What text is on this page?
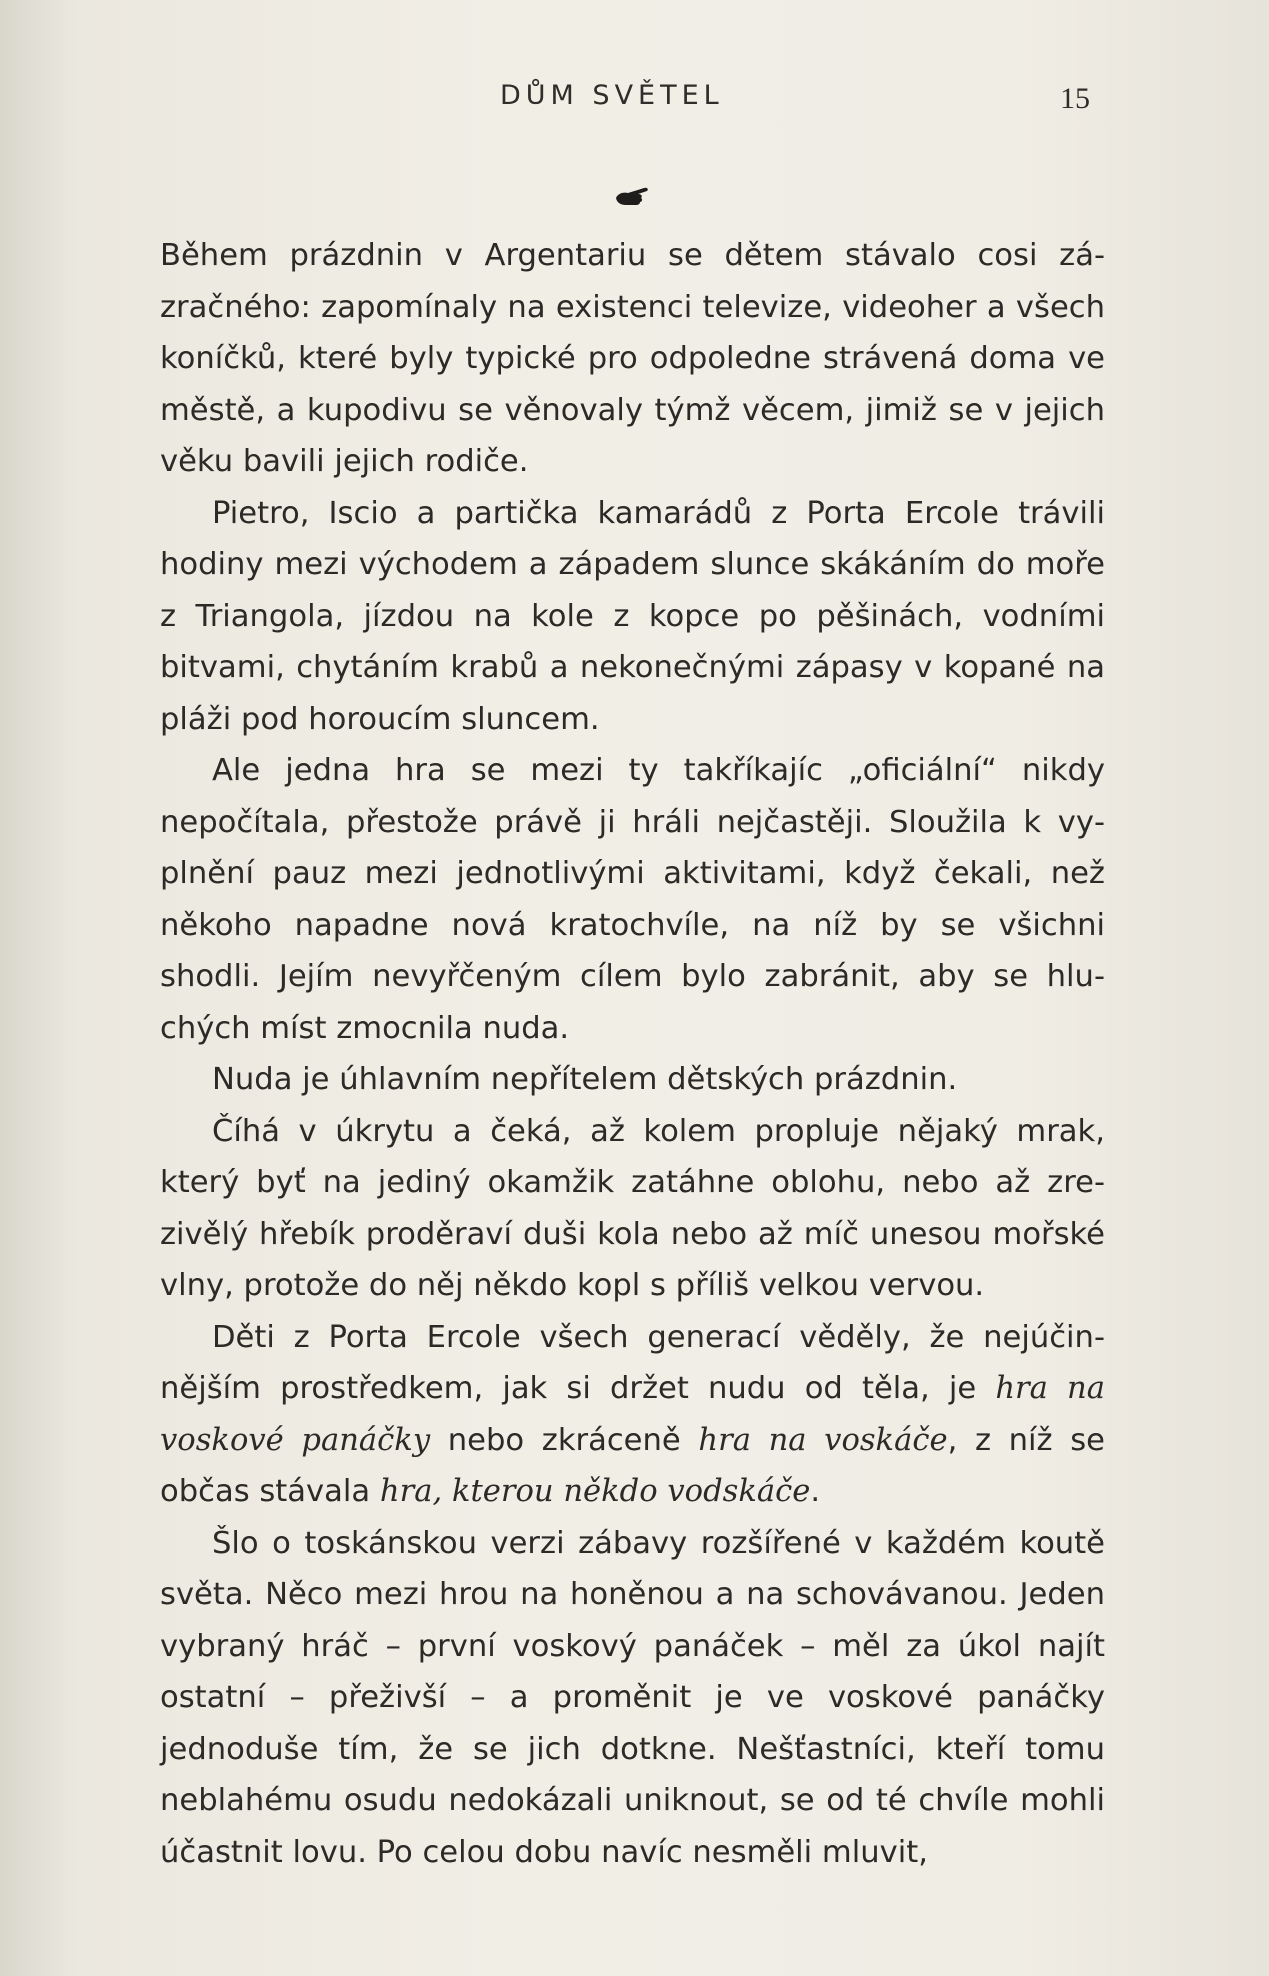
DŮM SVĚTEL	15

Během prázdnin v Argentariu se dětem stávalo cosi zázračného: zapomínaly na existenci televize, videoher a všech koníčků, které byly typické pro odpoledne strávená doma ve městě, a kupodivu se věnovaly týmž věcem, jimiž se v jejich věku bavili jejich rodiče.

Pietro, Iscio a partička kamarádů z Porta Ercole trávili hodiny mezi východem a západem slunce skákáním do moře z Triangola, jízdou na kole z kopce po pěšinách, vodními bitvami, chytáním krabů a nekonečnými zápasy v kopané na pláži pod horoucím sluncem.

Ale jedna hra se mezi ty takříkajíc „oficiální“ nikdy nepočítala, přestože právě ji hráli nejčastěji. Sloužila k vyplnění pauz mezi jednotlivými aktivitami, když čekali, než někoho napadne nová kratochvíle, na níž by se všichni shodli. Jejím nevyřčeným cílem bylo zabránit, aby se hluchých míst zmocnila nuda.

Nuda je úhlavním nepřítelem dětských prázdnin.

Číhá v úkrytu a čeká, až kolem propluje nějaký mrak, který byť na jediný okamžik zatáhne oblohu, nebo až zrezivělý hřebík proděraví duši kola nebo až míč unesou mořské vlny, protože do něj někdo kopl s příliš velkou vervou.

Děti z Porta Ercole všech generací věděly, že nejúčinnějším prostředkem, jak si držet nudu od těla, je hra na voskové panáčky nebo zkráceně hra na voskáče, z níž se občas stávala hra, kterou někdo vodskáče.

Šlo o toskánskou verzi zábavy rozšířené v každém koutě světa. Něco mezi hrou na honěnou a na schovávanou. Jeden vybraný hráč – první voskový panáček – měl za úkol najít ostatní – přeživší – a proměnit je ve voskové panáčky jednoduše tím, že se jich dotkne. Nešťastníci, kteří tomu neblahému osudu nedokázali uniknout, se od té chvíle mohli účastnit lovu. Po celou dobu navíc nesměli mluvit,
